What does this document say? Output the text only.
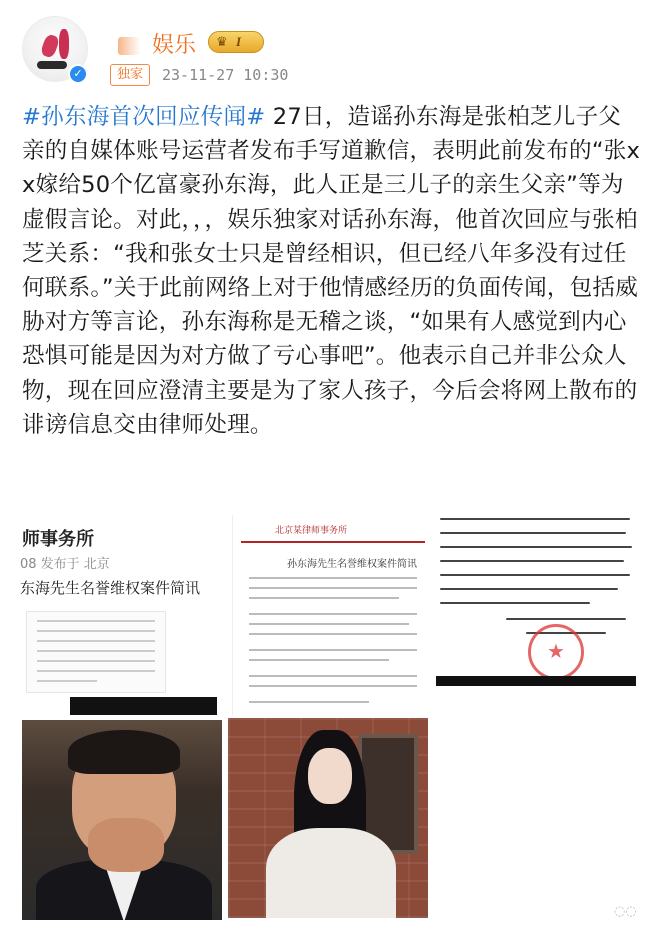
✓
娱乐 ♛ I
独家	23-11-27 10:30
#孙东海首次回应传闻# 27日，造谣孙东海是张柏芝儿子父亲的自媒体账号运营者发布手写道歉信，表明此前发布的“张xx嫁给50个亿富豪孙东海，此人正是三儿子的亲生父亲”等为虚假言论。对此，，，娱乐独家对话孙东海，他首次回应与张柏芝关系：“我和张女士只是曾经相识，但已经八年多没有过任何联系。”关于此前网络上对于他情感经历的负面传闻，包括威胁对方等言论，孙东海称是无稽之谈，“如果有人感觉到内心恐惧可能是因为对方做了亏心事吧”。他表示自己并非公众人物，现在回应澄清主要是为了家人孩子，今后会将网上散布的诽谤信息交由律师处理。
师事务所
08 发布于 北京
东海先生名誉维权案件简讯
北京某律师事务所
孙东海先生名誉维权案件简讯
★
◌◌
